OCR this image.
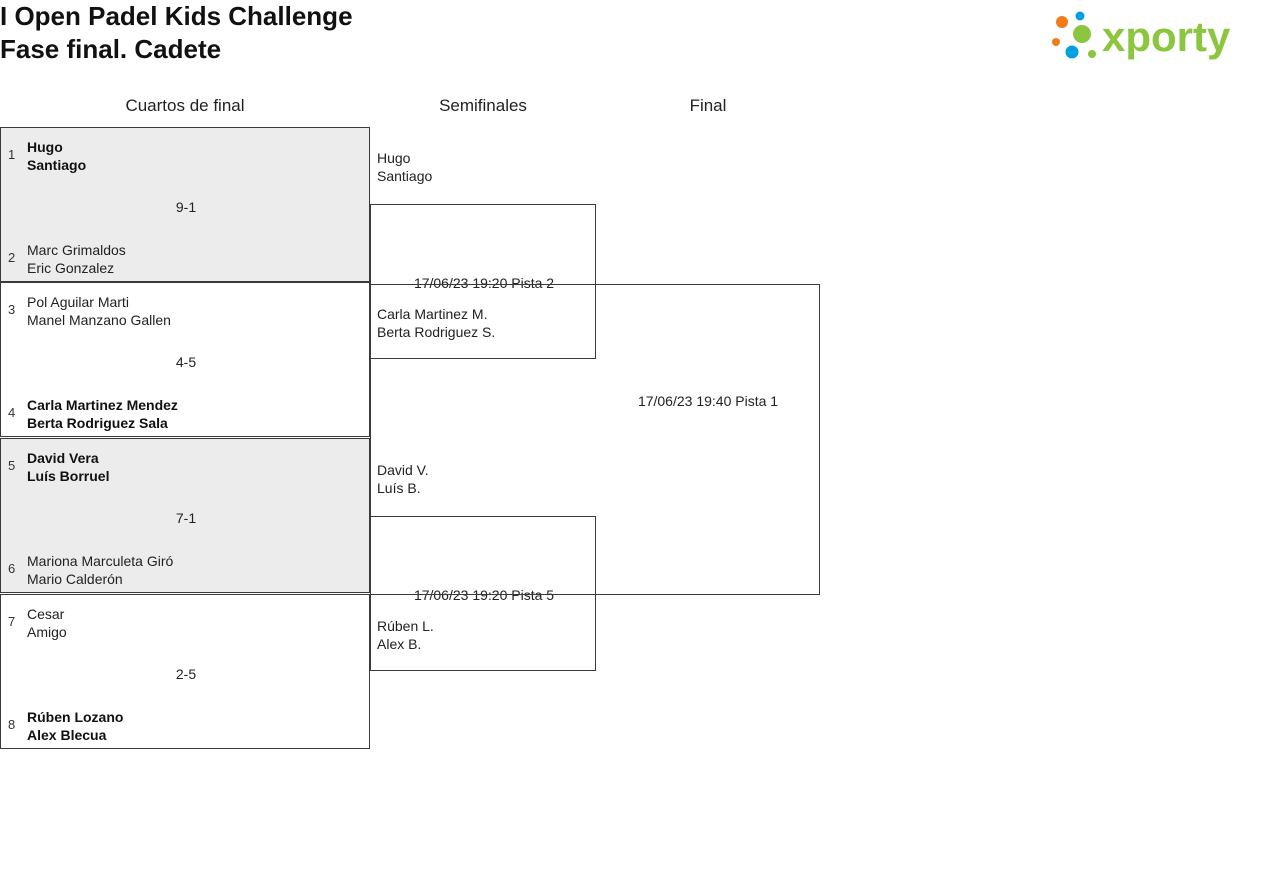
I Open Padel Kids Challenge
Fase final. Cadete	xporty
Cuartos de final	Semifinales	Final
1 Hugo
Santiago
9-1
2 Marc Grimaldos
Eric Gonzalez
3 Pol Aguilar Marti
Manel Manzano Gallen
4-5
4 Carla Martinez Mendez
Berta Rodriguez Sala
5 David Vera
Luís Borruel
7-1
6 Mariona Marculeta Giró
Mario Calderón
7 Cesar
Amigo
2-5
8 Rúben Lozano
Alex Blecua
17/06/23 19:20 Pista 2
Hugo
Santiago
Carla Martinez M.
Berta Rodriguez S.
17/06/23 19:20 Pista 5
David V.
Luís B.
Rúben L.
Alex B.
17/06/23 19:40 Pista 1
